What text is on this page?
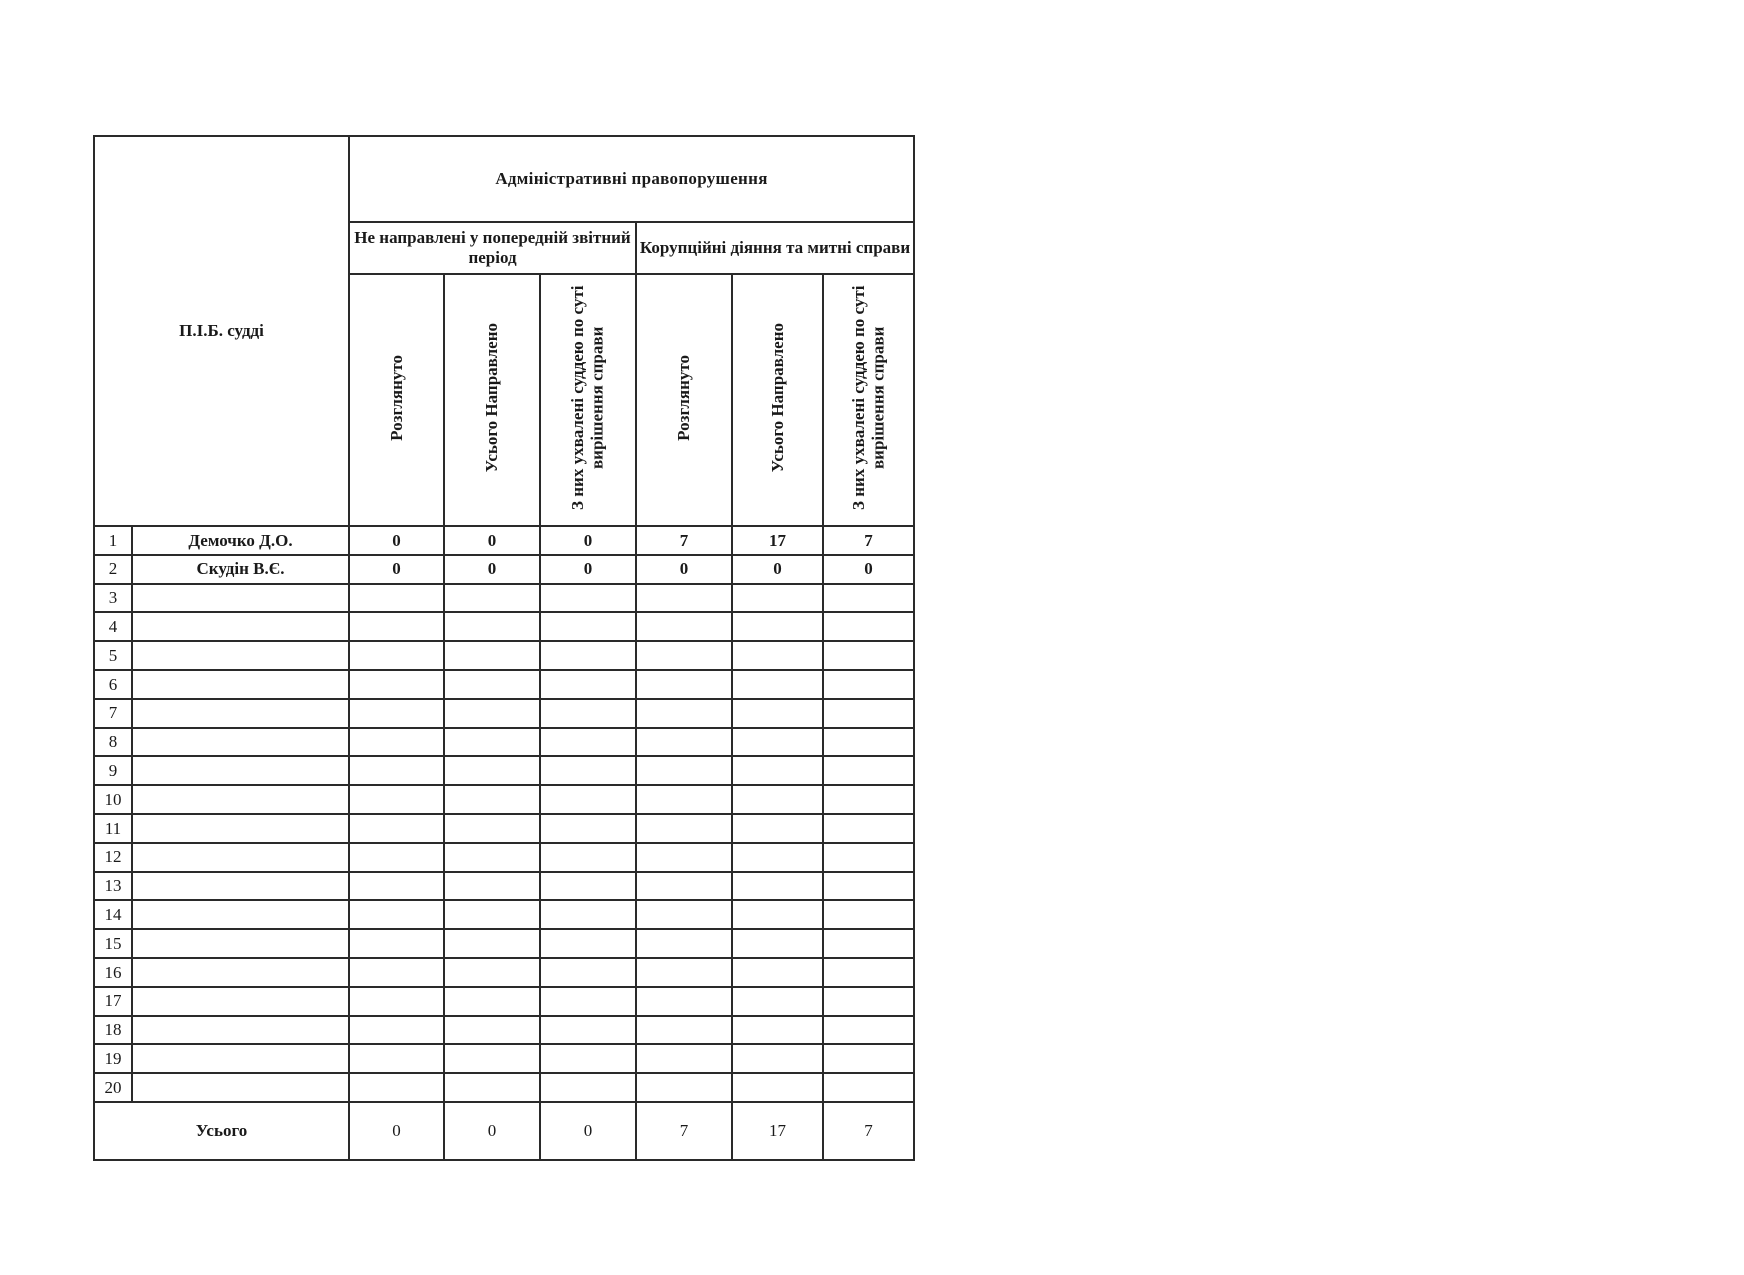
П.І.Б. судді		Адміністративні правопорушення					
		Не направлені у попередній звітний період			Корупційні діяння та митні справи		
		Розглянуто	Усього Направлено	З них ухвалені суддею по суті вирішення справи	Розглянуто	Усього Направлено	З них ухвалені суддею по суті вирішення справи
1	Демочко Д.О.	0	0	0	7	17	7
2	Скудін В.Є.	0	0	0	0	0	0
3							
4							
5							
6							
7							
8							
9							
10							
11							
12							
13							
14							
15							
16							
17							
18							
19							
20							
Усього		0	0	0	7	17	7
